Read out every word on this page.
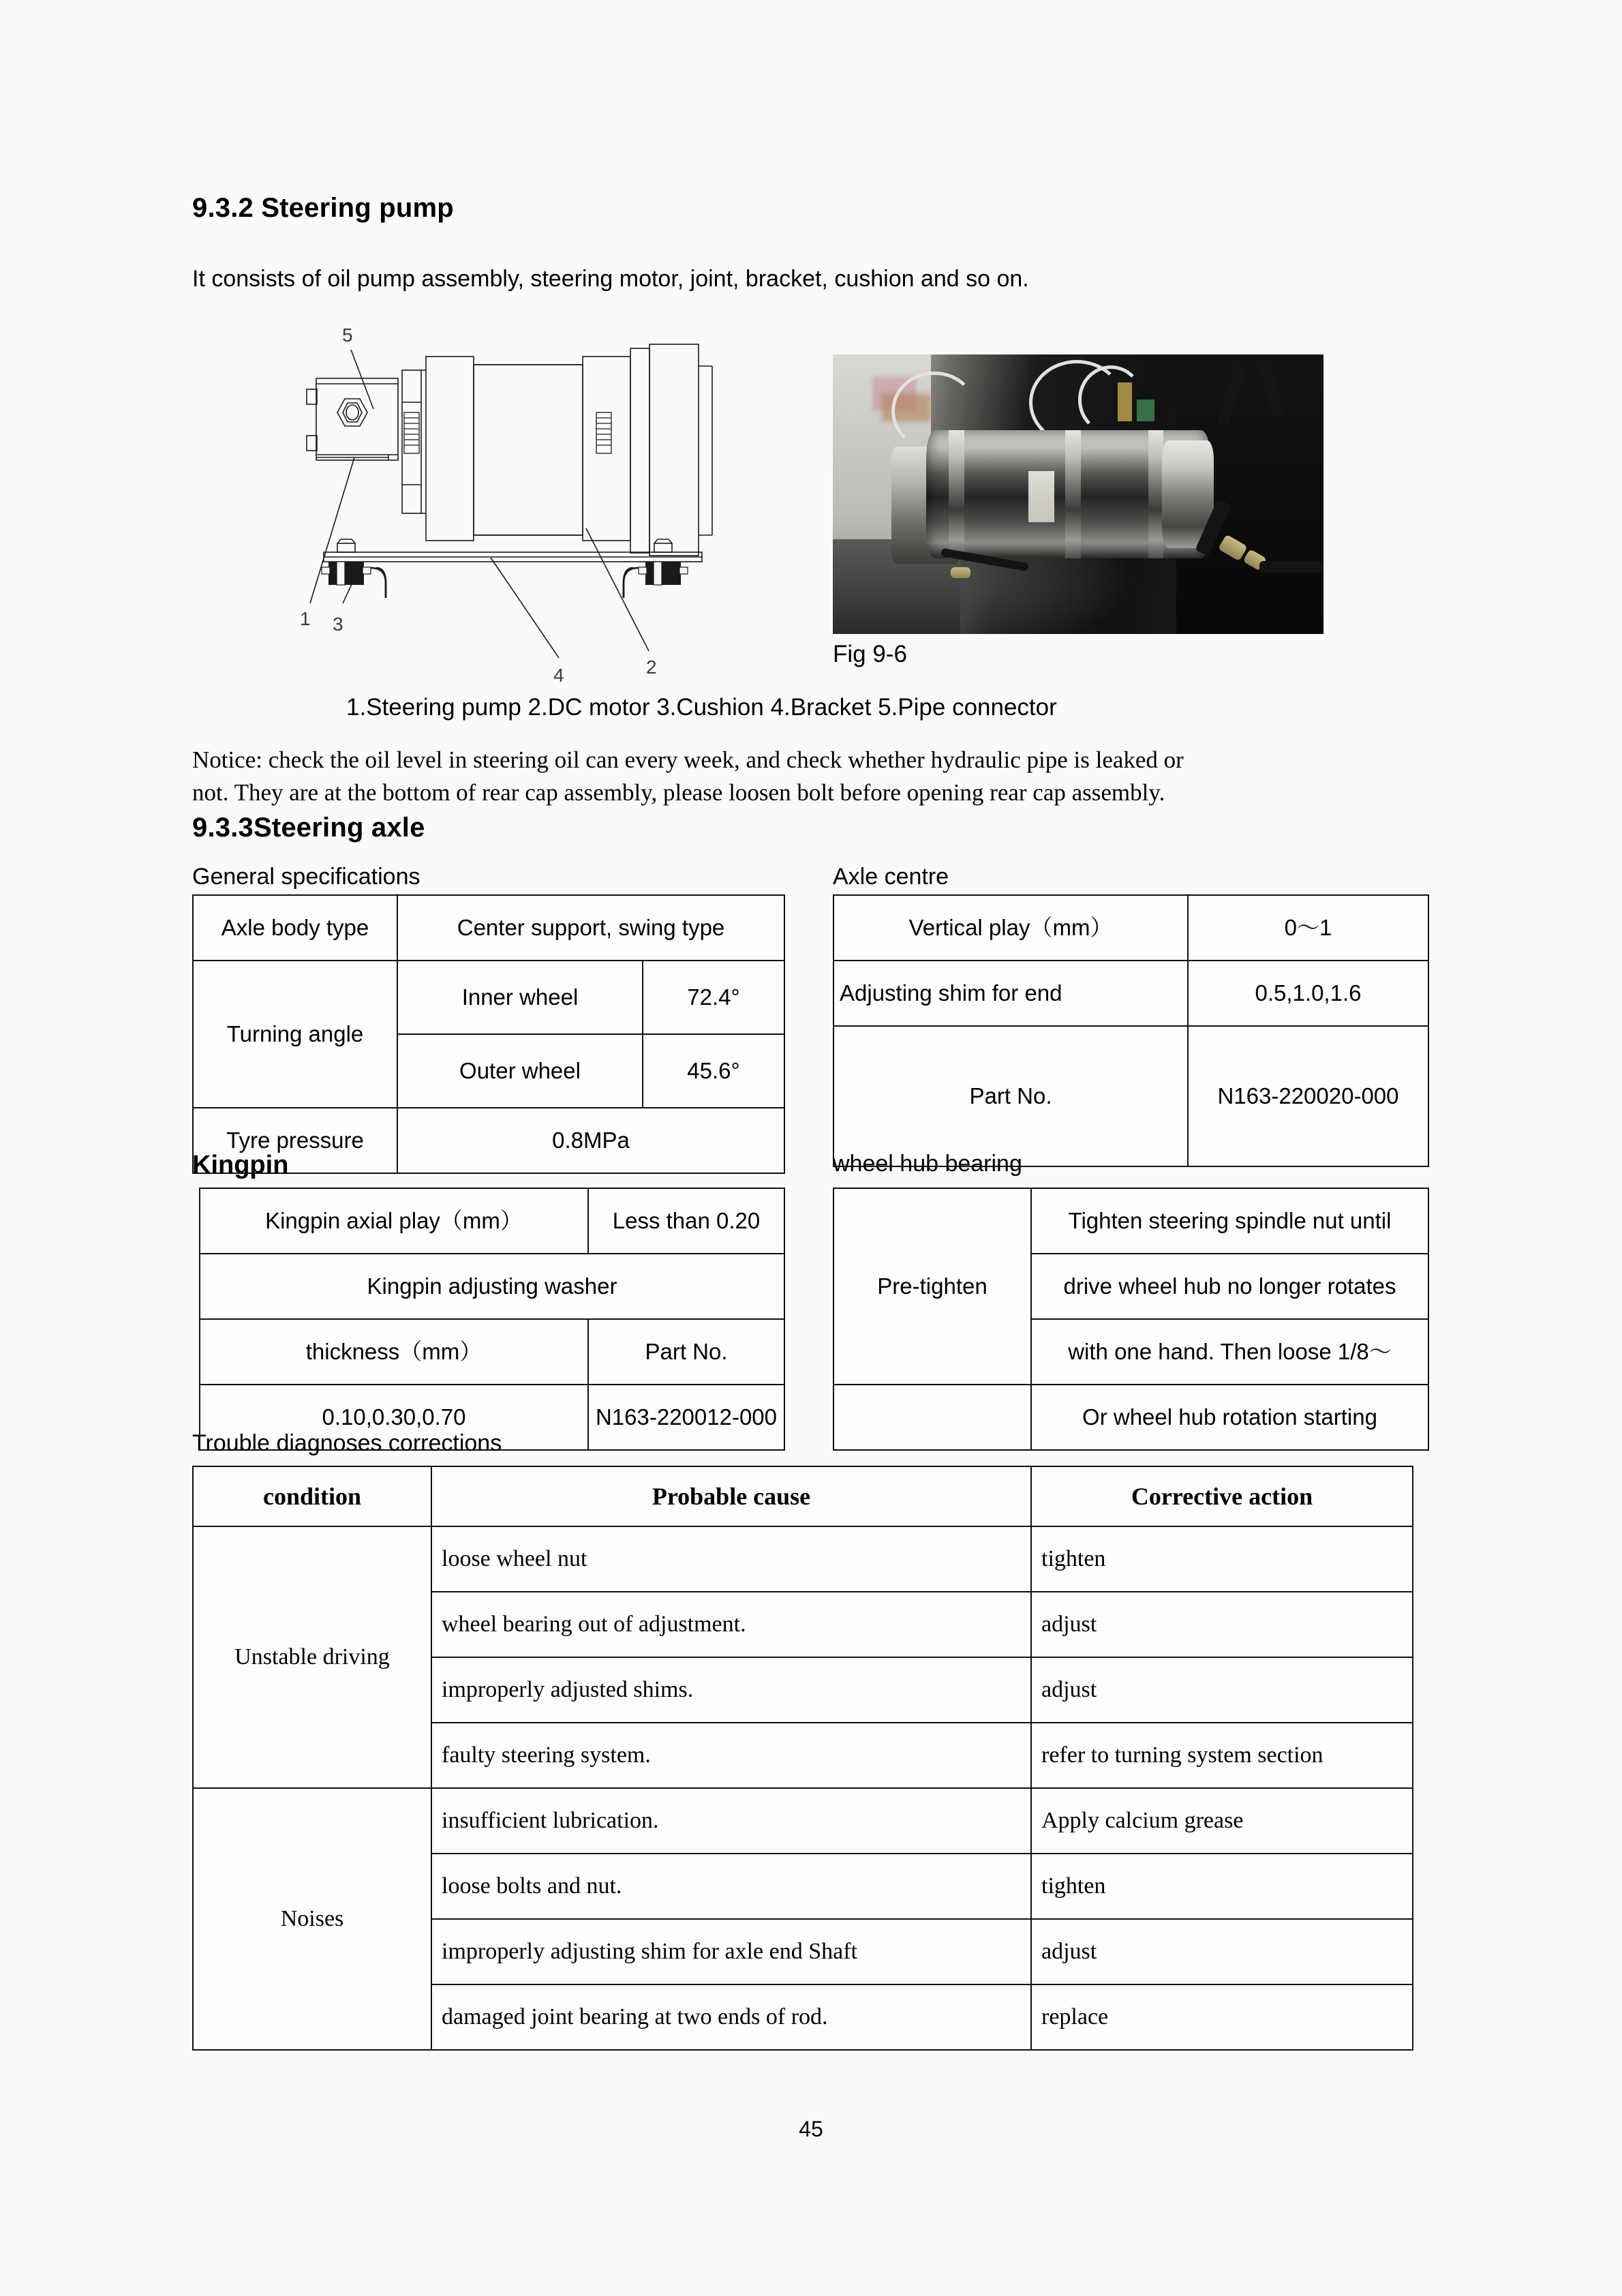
9.3.2 Steering pump
It consists of oil pump assembly, steering motor, joint, bracket, cushion and so on.
5
1 3
4	2	Fig 9-6
1.Steering pump 2.DC motor 3.Cushion 4.Bracket 5.Pipe connector
Notice: check the oil level in steering oil can every week, and check whether hydraulic pipe is leaked or
not. They are at the bottom of rear cap assembly, please loosen bolt before opening rear cap assembly.
9.3.3Steering axle
General specifications	Axle centre
Axle body type	Center support, swing type	
Turning angle	Inner wheel	72.4°
	Outer wheel	45.6°
Tyre pressure	0.8MPa	
Vertical play（mm）	0～1
Adjusting shim for end	0.5,1.0,1.6
Part No.	N163-220020-000
Kingpin
Kingpin axial play（mm）	Less than 0.20
Kingpin adjusting washer	
thickness（mm）	Part No.
0.10,0.30,0.70	N163-220012-000
wheel hub bearing
Pre-tighten	Tighten steering spindle nut until
	drive wheel hub no longer rotates
	with one hand. Then loose 1/8～
	Or wheel hub rotation starting
Trouble diagnoses corrections
condition	Probable cause	Corrective action
Unstable driving	loose wheel nut	tighten
	wheel bearing out of adjustment.	adjust
	improperly adjusted shims.	adjust
	faulty steering system.	refer to turning system section
Noises	insufficient lubrication.	Apply calcium grease
	loose bolts and nut.	tighten
	improperly adjusting shim for axle end Shaft	adjust
	damaged joint bearing at two ends of rod.	replace
45
